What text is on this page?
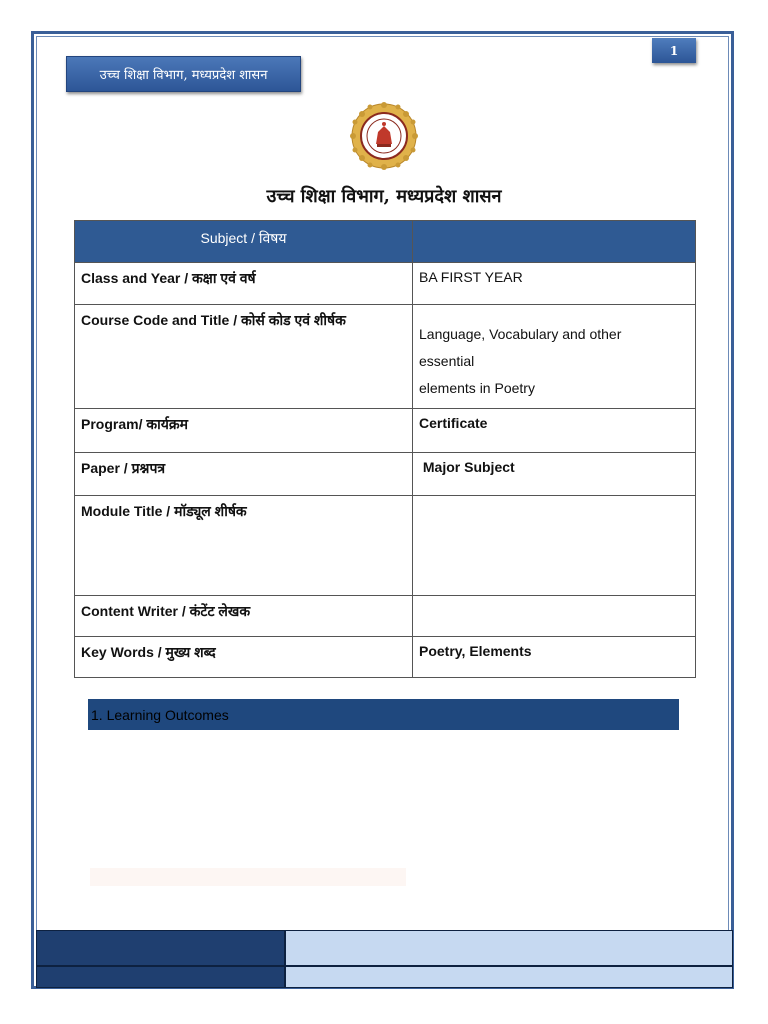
उच्च शिक्षा विभाग, मध्यप्रदेश शासन
1
उच्च शिक्षा विभाग, मध्यप्रदेश शासन
Subject / विषय	
Class and Year / कक्षा एवं वर्ष	BA FIRST YEAR
Course Code and Title / कोर्स कोड एवं शीर्षक	Language, Vocabulary and other
essential
elements in Poetry

Program/ कार्यक्रम	Certificate
Paper / प्रश्नपत्र	Major Subject
Module Title / मॉड्यूल शीर्षक	
Content Writer / कंटेंट लेखक	
Key Words / मुख्य शब्द	Poetry, Elements
1. Learning Outcomes
